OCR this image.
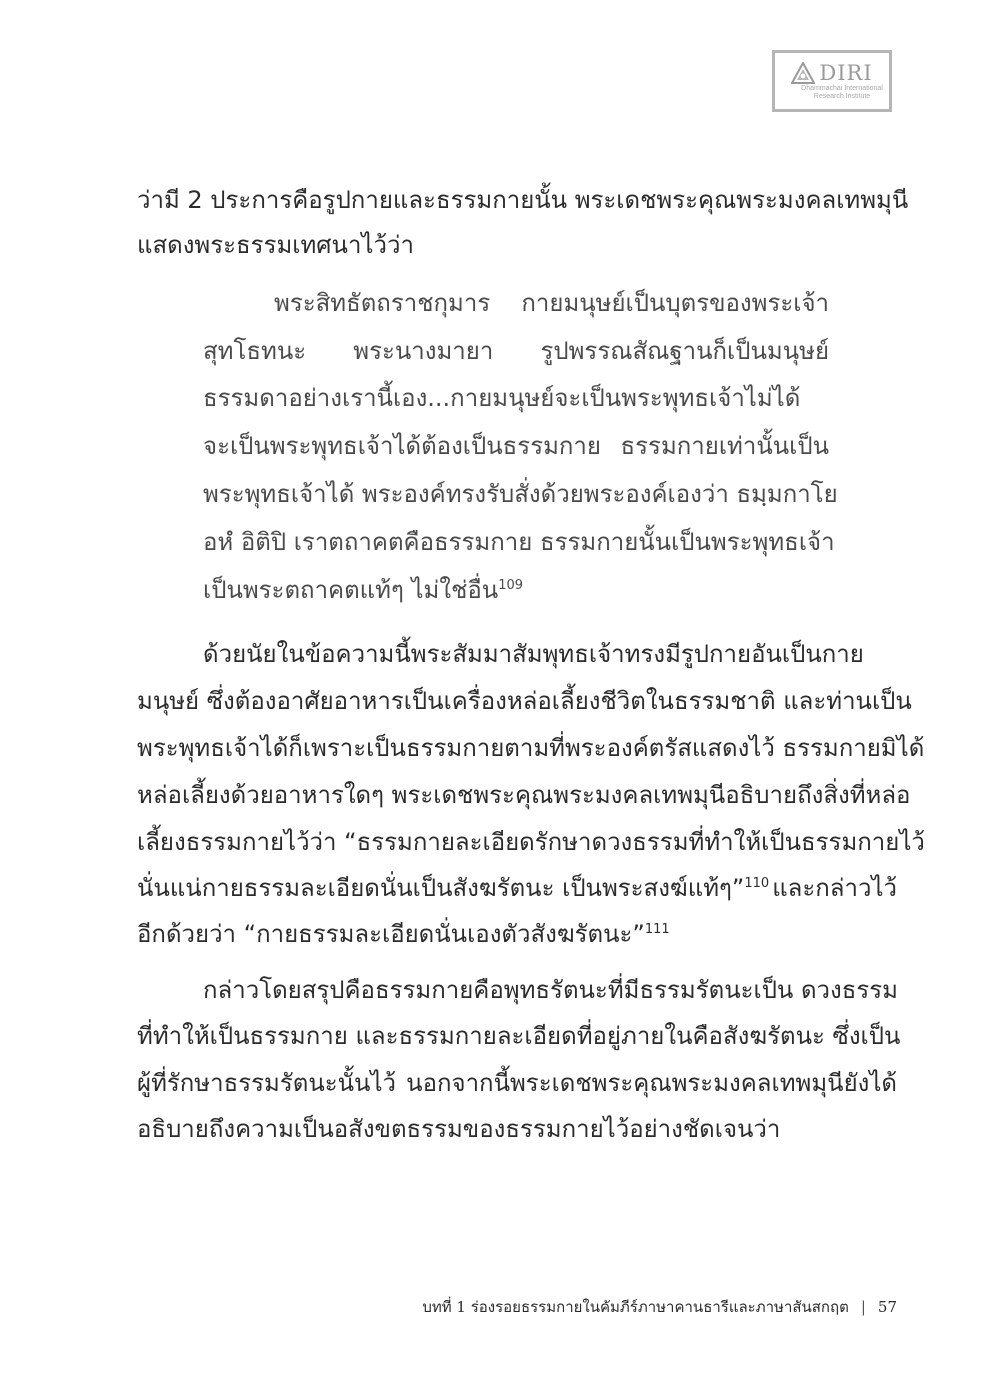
DIRI
Dhammachai International
Research Institute
ว่ามี 2 ประการคือรูปกายและธรรมกายนั้น พระเดชพระคุณพระมงคลเทพมุนี
แสดงพระธรรมเทศนาไว้ว่า
พระสิทธัตถราชกุมาร กายมนุษย์เป็นบุตรของพระเจ้า
สุทโธทนะ พระนางมายา รูปพรรณสัณฐานก็เป็นมนุษย์
ธรรมดาอย่างเรานี้เอง...กายมนุษย์จะเป็นพระพุทธเจ้าไม่ได้
จะเป็นพระพุทธเจ้าได้ต้องเป็นธรรมกาย ธรรมกายเท่านั้นเป็น
พระพุทธเจ้าได้ พระองค์ทรงรับสั่งด้วยพระองค์เองว่า ธมฺมกาโย
อหํ อิติปิ เราตถาคตคือธรรมกาย ธรรมกายนั้นเป็นพระพุทธเจ้า
เป็นพระตถาคตแท้ๆ ไม่ใช่อื่น$^{109}$
ด้วยนัยในข้อความนี้พระสัมมาสัมพุทธเจ้าทรงมีรูปกายอันเป็นกาย
มนุษย์ ซึ่งต้องอาศัยอาหารเป็นเครื่องหล่อเลี้ยงชีวิตในธรรมชาติ และท่านเป็น
พระพุทธเจ้าได้ก็เพราะเป็นธรรมกายตามที่พระองค์ตรัสแสดงไว้ ธรรมกายมิได้
หล่อเลี้ยงด้วยอาหารใดๆ พระเดชพระคุณพระมงคลเทพมุนีอธิบายถึงสิ่งที่หล่อ
เลี้ยงธรรมกายไว้ว่า “ธรรมกายละเอียดรักษาดวงธรรมที่ทำให้เป็นธรรมกายไว้
นั่นแน่กายธรรมละเอียดนั่นเป็นสังฆรัตนะ เป็นพระสงฆ์แท้ๆ”$^{110}$ และกล่าวไว้
อีกด้วยว่า “กายธรรมละเอียดนั่นเองตัวสังฆรัตนะ”$^{111}$
กล่าวโดยสรุปคือธรรมกายคือพุทธรัตนะที่มีธรรมรัตนะเป็น ดวงธรรม
ที่ทำให้เป็นธรรมกาย และธรรมกายละเอียดที่อยู่ภายในคือสังฆรัตนะ ซึ่งเป็น
ผู้ที่รักษาธรรมรัตนะนั้นไว้ นอกจากนี้พระเดชพระคุณพระมงคลเทพมุนียังได้
อธิบายถึงความเป็นอสังขตธรรมของธรรมกายไว้อย่างชัดเจนว่า
บทที่ 1 ร่องรอยธรรมกายในคัมภีร์ภาษาคานธารีและภาษาสันสกฤต | 57
